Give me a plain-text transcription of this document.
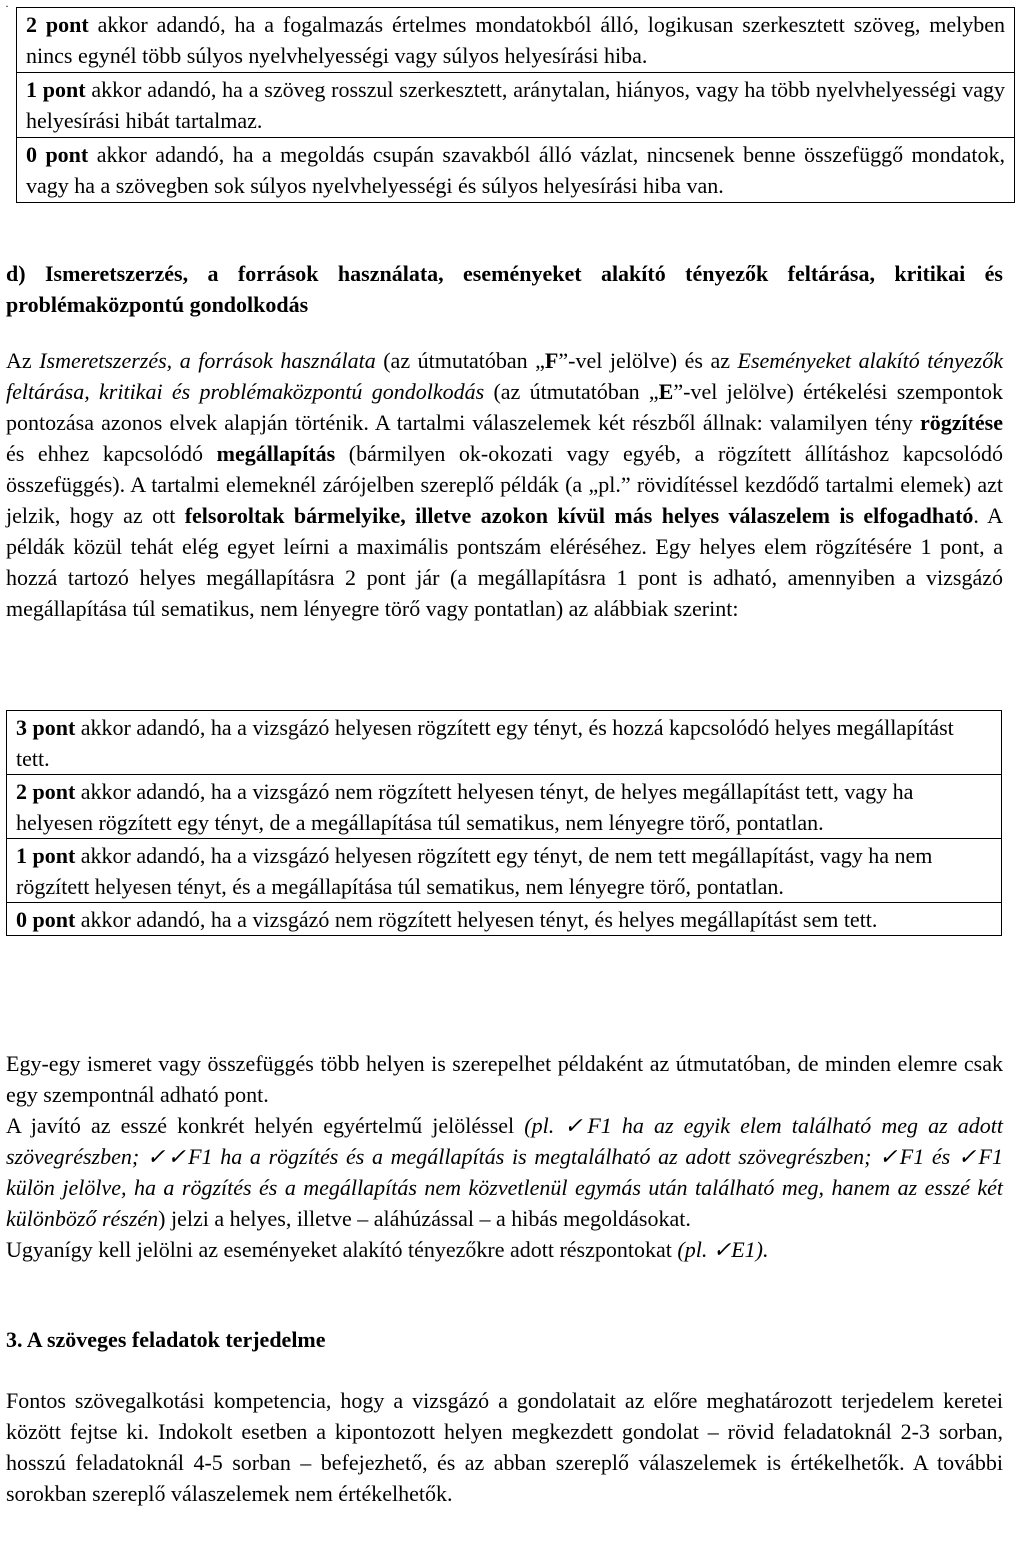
·
2 pont akkor adandó, ha a fogalmazás értelmes mondatokból álló, logikusan szerkesztett szöveg, melyben nincs egynél több súlyos nyelvhelyességi vagy súlyos helyesírási hiba.
1 pont akkor adandó, ha a szöveg rosszul szerkesztett, aránytalan, hiányos, vagy ha több nyelvhelyességi vagy helyesírási hibát tartalmaz.
0 pont akkor adandó, ha a megoldás csupán szavakból álló vázlat, nincsenek benne összefüggő mondatok, vagy ha a szövegben sok súlyos nyelvhelyességi és súlyos helyesírási hiba van.
d) Ismeretszerzés, a források használata, eseményeket alakító tényezők feltárása, kritikai és problémaközpontú gondolkodás
Az Ismeretszerzés, a források használata (az útmutatóban „F”-vel jelölve) és az Eseményeket alakító tényezők feltárása, kritikai és problémaközpontú gondolkodás (az útmutatóban „E”-vel jelölve) értékelési szempontok pontozása azonos elvek alapján történik. A tartalmi válaszelemek két részből állnak: valamilyen tény rögzítése és ehhez kapcsolódó megállapítás (bármilyen ok-okozati vagy egyéb, a rögzített állításhoz kapcsolódó összefüggés). A tartalmi elemeknél zárójelben szereplő példák (a „pl.” rövidítéssel kezdődő tartalmi elemek) azt jelzik, hogy az ott felsoroltak bármelyike, illetve azokon kívül más helyes válaszelem is elfogadható. A példák közül tehát elég egyet leírni a maximális pontszám eléréséhez. Egy helyes elem rögzítésére 1 pont, a hozzá tartozó helyes megállapításra 2 pont jár (a megállapításra 1 pont is adható, amennyiben a vizsgázó megállapítása túl sematikus, nem lényegre törő vagy pontatlan) az alábbiak szerint:
3 pont akkor adandó, ha a vizsgázó helyesen rögzített egy tényt, és hozzá kapcsolódó helyes megállapítást tett.
2 pont akkor adandó, ha a vizsgázó nem rögzített helyesen tényt, de helyes megállapítást tett, vagy ha helyesen rögzített egy tényt, de a megállapítása túl sematikus, nem lényegre törő, pontatlan.
1 pont akkor adandó, ha a vizsgázó helyesen rögzített egy tényt, de nem tett megállapítást, vagy ha nem rögzített helyesen tényt, és a megállapítása túl sematikus, nem lényegre törő, pontatlan.
0 pont akkor adandó, ha a vizsgázó nem rögzített helyesen tényt, és helyes megállapítást sem tett.
Egy-egy ismeret vagy összefüggés több helyen is szerepelhet példaként az útmutatóban, de minden elemre csak egy szempontnál adható pont.
A javító az esszé konkrét helyén egyértelmű jelöléssel (pl. ✓F1 ha az egyik elem található meg az adott szövegrészben; ✓✓F1 ha a rögzítés és a megállapítás is megtalálható az adott szövegrészben; ✓F1 és ✓F1 külön jelölve, ha a rögzítés és a megállapítás nem közvetlenül egymás után található meg, hanem az esszé két különböző részén) jelzi a helyes, illetve – aláhúzással – a hibás megoldásokat.
Ugyanígy kell jelölni az eseményeket alakító tényezőkre adott részpontokat (pl. ✓E1).
3. A szöveges feladatok terjedelme
Fontos szövegalkotási kompetencia, hogy a vizsgázó a gondolatait az előre meghatározott terjedelem keretei között fejtse ki. Indokolt esetben a kipontozott helyen megkezdett gondolat – rövid feladatoknál 2-3 sorban, hosszú feladatoknál 4-5 sorban – befejezhető, és az abban szereplő válaszelemek is értékelhetők. A további sorokban szereplő válaszelemek nem értékelhetők.
